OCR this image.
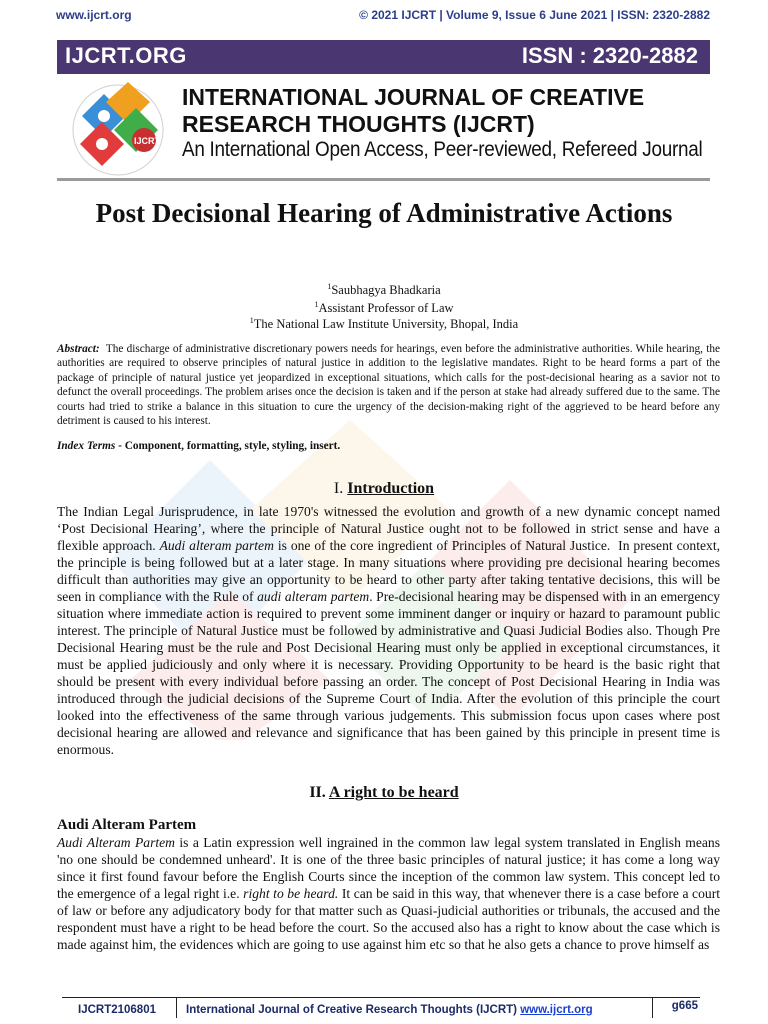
www.ijcrt.org	© 2021 IJCRT | Volume 9, Issue 6 June 2021 | ISSN: 2320-2882
IJCRT.ORG	ISSN : 2320-2882
IJCRT
INTERNATIONAL JOURNAL OF CREATIVE
RESEARCH THOUGHTS (IJCRT)
An International Open Access, Peer-reviewed, Refereed Journal
Post Decisional Hearing of Administrative Actions
$^1$Saubhagya Bhadkaria
$^1$Assistant Professor of Law
$^1$The National Law Institute University, Bhopal, India
Abstract: The discharge of administrative discretionary powers needs for hearings, even before the administrative authorities. While hearing, the authorities are required to observe principles of natural justice in addition to the legislative mandates. Right to be heard forms a part of the package of principle of natural justice yet jeopardized in exceptional situations, which calls for the post-decisional hearing as a savior not to defunct the overall proceedings. The problem arises once the decision is taken and if the person at stake had already suffered due to the same. The courts had tried to strike a balance in this situation to cure the urgency of the decision-making right of the aggrieved to be heard before any detriment is caused to his interest.
Index Terms - Component, formatting, style, styling, insert.
I. Introduction
The Indian Legal Jurisprudence, in late 1970's witnessed the evolution and growth of a new dynamic concept named ‘Post Decisional Hearing’, where the principle of Natural Justice ought not to be followed in strict sense and have a flexible approach. Audi alteram partem is one of the core ingredient of Principles of Natural Justice.  In present context, the principle is being followed but at a later stage. In many situations where providing pre decisional hearing becomes difficult than authorities may give an opportunity to be heard to other party after taking tentative decisions, this will be seen in compliance with the Rule of audi alteram partem. Pre-decisional hearing may be dispensed with in an emergency situation where immediate action is required to prevent some imminent danger or inquiry or hazard to paramount public interest. The principle of Natural Justice must be followed by administrative and Quasi Judicial Bodies also. Though Pre Decisional Hearing must be the rule and Post Decisional Hearing must only be applied in exceptional circumstances, it must be applied judiciously and only where it is necessary. Providing Opportunity to be heard is the basic right that should be present with every individual before passing an order. The concept of Post Decisional Hearing in India was introduced through the judicial decisions of the Supreme Court of India. After the evolution of this principle the court looked into the effectiveness of the same through various judgements. This submission focus upon cases where post decisional hearing are allowed and relevance and significance that has been gained by this principle in present time is enormous.
II. A right to be heard
Audi Alteram Partem
Audi Alteram Partem is a Latin expression well ingrained in the common law legal system translated in English means 'no one should be condemned unheard'. It is one of the three basic principles of natural justice; it has come a long way since it first found favour before the English Courts since the inception of the common law system. This concept led to the emergence of a legal right i.e. right to be heard. It can be said in this way, that whenever there is a case before a court of law or before any adjudicatory body for that matter such as Quasi-judicial authorities or tribunals, the accused and the respondent must have a right to be head before the court. So the accused also has a right to know about the case which is made against him, the evidences which are going to use against him etc so that he also gets a chance to prove himself as
IJCRT2106801	International Journal of Creative Research Thoughts (IJCRT) www.ijcrt.org	g665
